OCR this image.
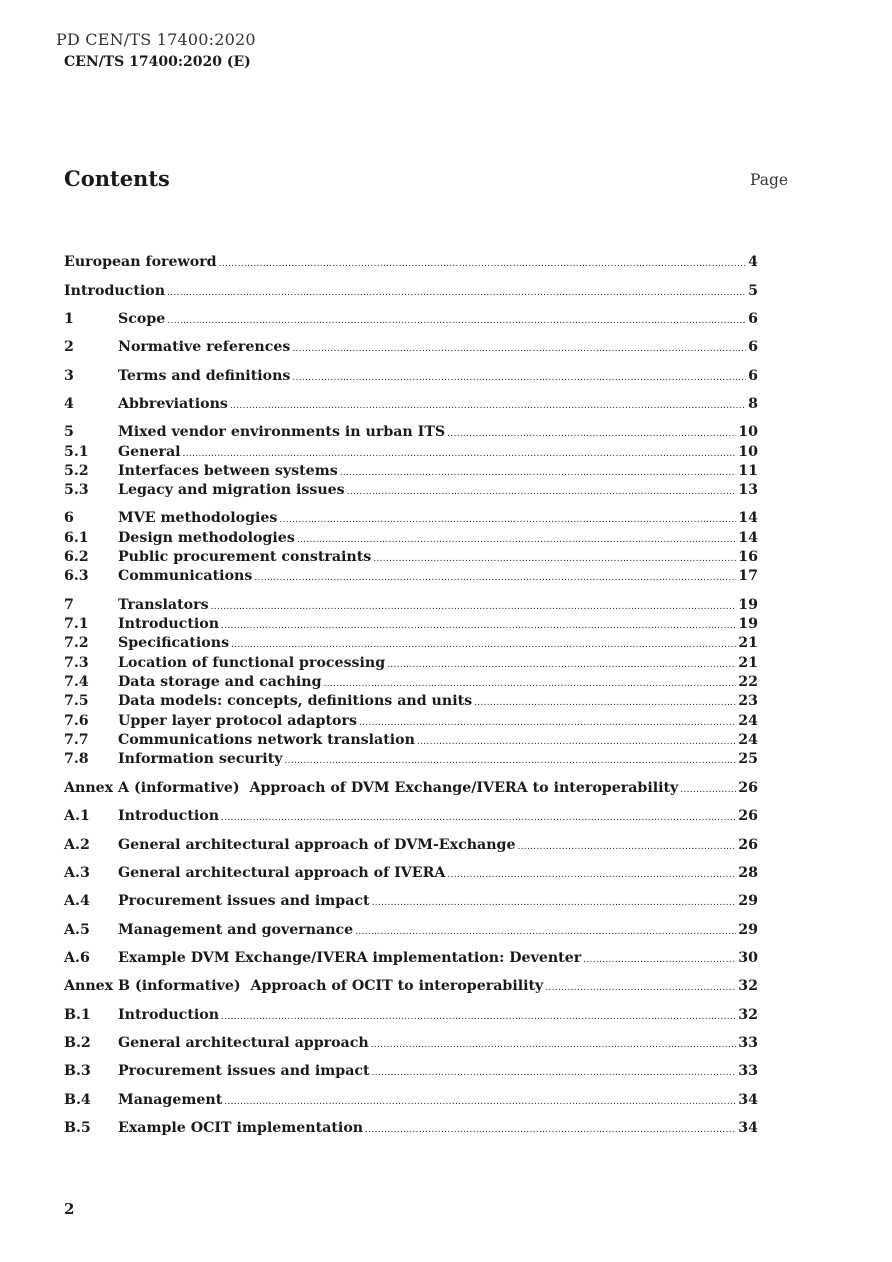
PD CEN/TS 17400:2020
CEN/TS 17400:2020 (E)
Contents	Page
European foreword .....	4
Introduction .....	5
1	Scope .....	6
2	Normative references .....	6
3	Terms and definitions .....	6
4	Abbreviations .....	8
5	Mixed vendor environments in urban ITS .....	10
5.1	General .....	10
5.2	Interfaces between systems .....	11
5.3	Legacy and migration issues .....	13
6	MVE methodologies .....	14
6.1	Design methodologies .....	14
6.2	Public procurement constraints .....	16
6.3	Communications .....	17
7	Translators .....	19
7.1	Introduction .....	19
7.2	Specifications .....	21
7.3	Location of functional processing .....	21
7.4	Data storage and caching .....	22
7.5	Data models: concepts, definitions and units .....	23
7.6	Upper layer protocol adaptors .....	24
7.7	Communications network translation .....	24
7.8	Information security .....	25
Annex A (informative)  Approach of DVM Exchange/IVERA to interoperability .....	26
A.1	Introduction .....	26
A.2	General architectural approach of DVM-Exchange .....	26
A.3	General architectural approach of IVERA .....	28
A.4	Procurement issues and impact .....	29
A.5	Management and governance .....	29
A.6	Example DVM Exchange/IVERA implementation: Deventer .....	30
Annex B (informative)  Approach of OCIT to interoperability .....	32
B.1	Introduction .....	32
B.2	General architectural approach .....	33
B.3	Procurement issues and impact .....	33
B.4	Management .....	34
B.5	Example OCIT implementation .....	34
2
